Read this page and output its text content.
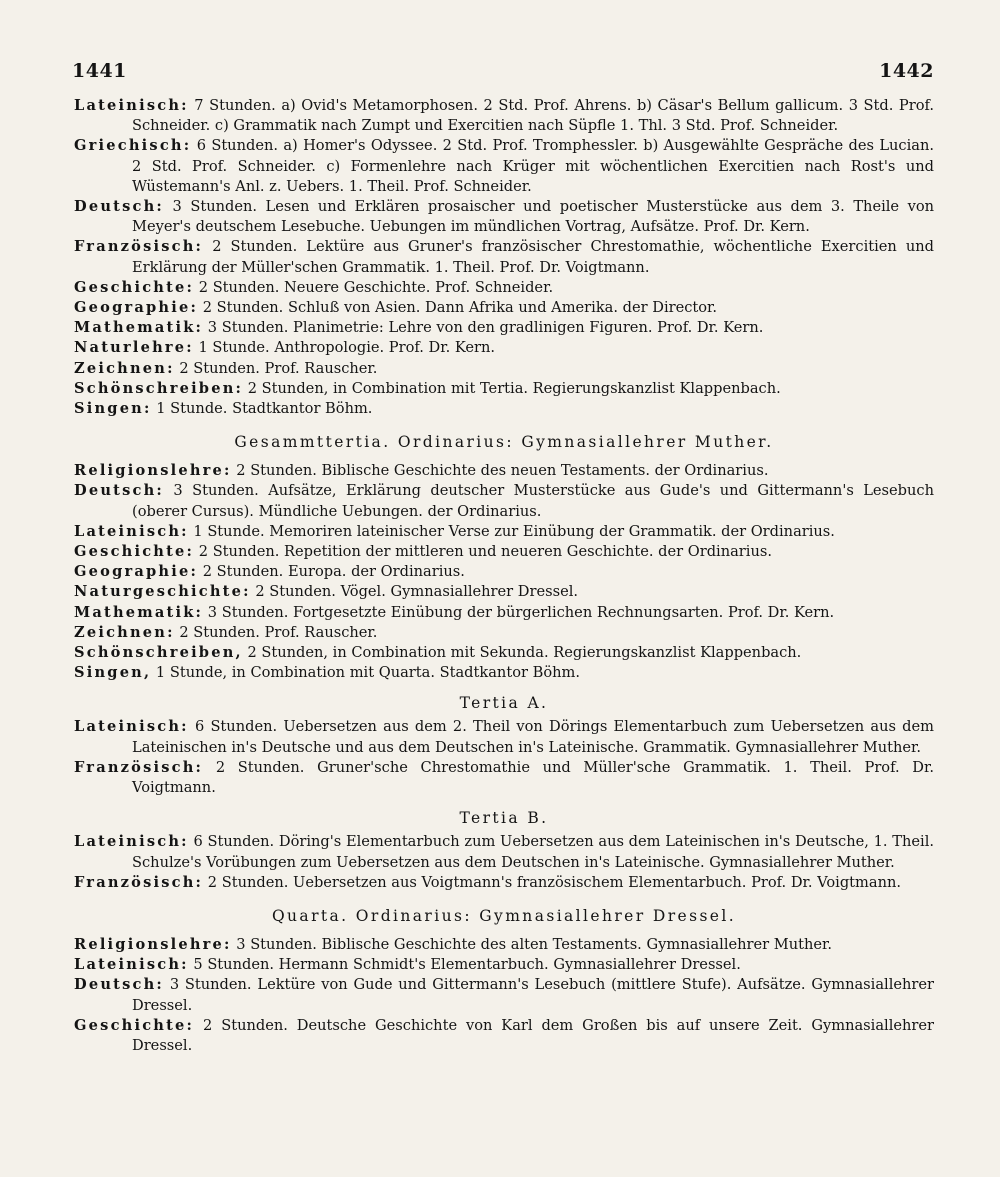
1441	1442

Lateinisch: 7 Stunden. a) Ovid's Metamorphosen. 2 Std. Prof. Ahrens. b) Cäsar's Bellum gallicum. 3 Std. Prof. Schneider. c) Grammatik nach Zumpt und Exercitien nach Süpfle 1. Thl. 3 Std. Prof. Schneider.

Griechisch: 6 Stunden. a) Homer's Odyssee. 2 Std. Prof. Tromphessler. b) Ausgewählte Gespräche des Lucian. 2 Std. Prof. Schneider. c) Formenlehre nach Krüger mit wöchentlichen Exercitien nach Rost's und Wüstemann's Anl. z. Uebers. 1. Theil. Prof. Schneider.

Deutsch: 3 Stunden. Lesen und Erklären prosaischer und poetischer Musterstücke aus dem 3. Theile von Meyer's deutschem Lesebuche. Uebungen im mündlichen Vortrag, Aufsätze. Prof. Dr. Kern.

Französisch: 2 Stunden. Lektüre aus Gruner's französischer Chrestomathie, wöchentliche Exercitien und Erklärung der Müller'schen Grammatik. 1. Theil. Prof. Dr. Voigtmann.

Geschichte: 2 Stunden. Neuere Geschichte. Prof. Schneider.

Geographie: 2 Stunden. Schluß von Asien. Dann Afrika und Amerika. der Director.

Mathematik: 3 Stunden. Planimetrie: Lehre von den gradlinigen Figuren. Prof. Dr. Kern.

Naturlehre: 1 Stunde. Anthropologie. Prof. Dr. Kern.

Zeichnen: 2 Stunden. Prof. Rauscher.

Schönschreiben: 2 Stunden, in Combination mit Tertia. Regierungskanzlist Klappenbach.

Singen: 1 Stunde. Stadtkantor Böhm.

Gesammttertia. Ordinarius: Gymnasiallehrer Muther.

Religionslehre: 2 Stunden. Biblische Geschichte des neuen Testaments. der Ordinarius.

Deutsch: 3 Stunden. Aufsätze, Erklärung deutscher Musterstücke aus Gude's und Gittermann's Lesebuch (oberer Cursus). Mündliche Uebungen. der Ordinarius.

Lateinisch: 1 Stunde. Memoriren lateinischer Verse zur Einübung der Grammatik. der Ordinarius.

Geschichte: 2 Stunden. Repetition der mittleren und neueren Geschichte. der Ordinarius.

Geographie: 2 Stunden. Europa. der Ordinarius.

Naturgeschichte: 2 Stunden. Vögel. Gymnasiallehrer Dressel.

Mathematik: 3 Stunden. Fortgesetzte Einübung der bürgerlichen Rechnungsarten. Prof. Dr. Kern.

Zeichnen: 2 Stunden. Prof. Rauscher.

Schönschreiben, 2 Stunden, in Combination mit Sekunda. Regierungskanzlist Klappenbach.

Singen, 1 Stunde, in Combination mit Quarta. Stadtkantor Böhm.

Tertia A.

Lateinisch: 6 Stunden. Uebersetzen aus dem 2. Theil von Dörings Elementarbuch zum Uebersetzen aus dem Lateinischen in's Deutsche und aus dem Deutschen in's Lateinische. Grammatik. Gymnasiallehrer Muther.

Französisch: 2 Stunden. Gruner'sche Chrestomathie und Müller'sche Grammatik. 1. Theil. Prof. Dr. Voigtmann.

Tertia B.

Lateinisch: 6 Stunden. Döring's Elementarbuch zum Uebersetzen aus dem Lateinischen in's Deutsche, 1. Theil. Schulze's Vorübungen zum Uebersetzen aus dem Deutschen in's Lateinische. Gymnasiallehrer Muther.

Französisch: 2 Stunden. Uebersetzen aus Voigtmann's französischem Elementarbuch. Prof. Dr. Voigtmann.

Quarta. Ordinarius: Gymnasiallehrer Dressel.

Religionslehre: 3 Stunden. Biblische Geschichte des alten Testaments. Gymnasiallehrer Muther.

Lateinisch: 5 Stunden. Hermann Schmidt's Elementarbuch. Gymnasiallehrer Dressel.

Deutsch: 3 Stunden. Lektüre von Gude und Gittermann's Lesebuch (mittlere Stufe). Aufsätze. Gymnasiallehrer Dressel.

Geschichte: 2 Stunden. Deutsche Geschichte von Karl dem Großen bis auf unsere Zeit. Gymnasiallehrer Dressel.
